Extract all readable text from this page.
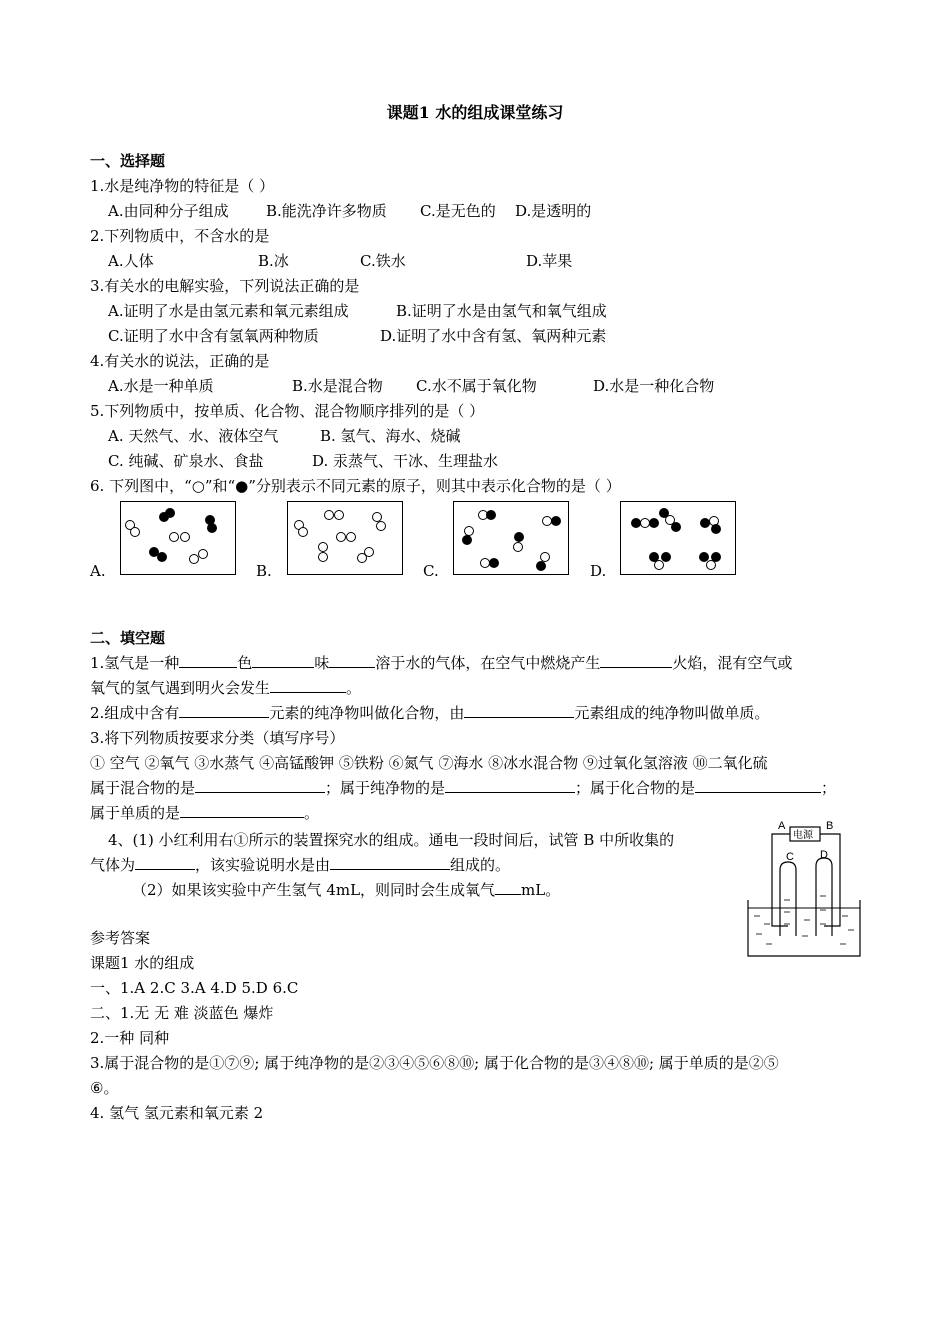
课题1 水的组成课堂练习
一、选择题
1.水是纯净物的特征是（ ）
A.由同种分子组成 B.能洗净许多物质 C.是无色的 D.是透明的
2.下列物质中，不含水的是
A.人体	B.冰	C.铁水	D.苹果
3.有关水的电解实验，下列说法正确的是
A.证明了水是由氢元素和氧元素组成	B.证明了水是由氢气和氧气组成
C.证明了水中含有氢氧两种物质	D.证明了水中含有氢、氧两种元素
4.有关水的说法，正确的是
A.水是一种单质	B.水是混合物 C.水不属于氧化物	D.水是一种化合物
5.下列物质中，按单质、化合物、混合物顺序排列的是（ ）
A. 天然气、水、液体空气	B. 氢气、海水、烧碱
C. 纯碱、矿泉水、食盐	D. 汞蒸气、干冰、生理盐水
6. 下列图中，“○”和“●”分别表示不同元素的原子，则其中表示化合物的是（ ）
A.	B.	C.	D.
二、填空题
1.氢气是一种	色	味	溶于水的气体，在空气中燃烧产生	火焰，混有空气或
氧气的氢气遇到明火会发生	。
2.组成中含有	元素的纯净物叫做化合物，由	元素组成的纯净物叫做单质。
3.将下列物质按要求分类（填写序号）
① 空气 ②氧气 ③水蒸气 ④高锰酸钾 ⑤铁粉 ⑥氮气 ⑦海水 ⑧冰水混合物 ⑨过氧化氢溶液 ⑩二氧化硫
属于混合物的是	；属于纯净物的是	；属于化合物的是	；
属于单质的是	。
4、(1) 小红利用右①所示的装置探究水的组成。通电一段时间后，试管 B 中所收集的
气体为	，该实验说明水是由	组成的。
（2）如果该实验中产生氢气 4mL，则同时会生成氧气 mL。
A	B
电源
C D
参考答案
课题1 水的组成
一、1.A 2.C 3.A 4.D 5.D 6.C
二、1.无 无 难 淡蓝色 爆炸
2.一种 同种
3.属于混合物的是①⑦⑨; 属于纯净物的是②③④⑤⑥⑧⑩; 属于化合物的是③④⑧⑩; 属于单质的是②⑤
⑥。
4. 氢气 氢元素和氧元素 2
